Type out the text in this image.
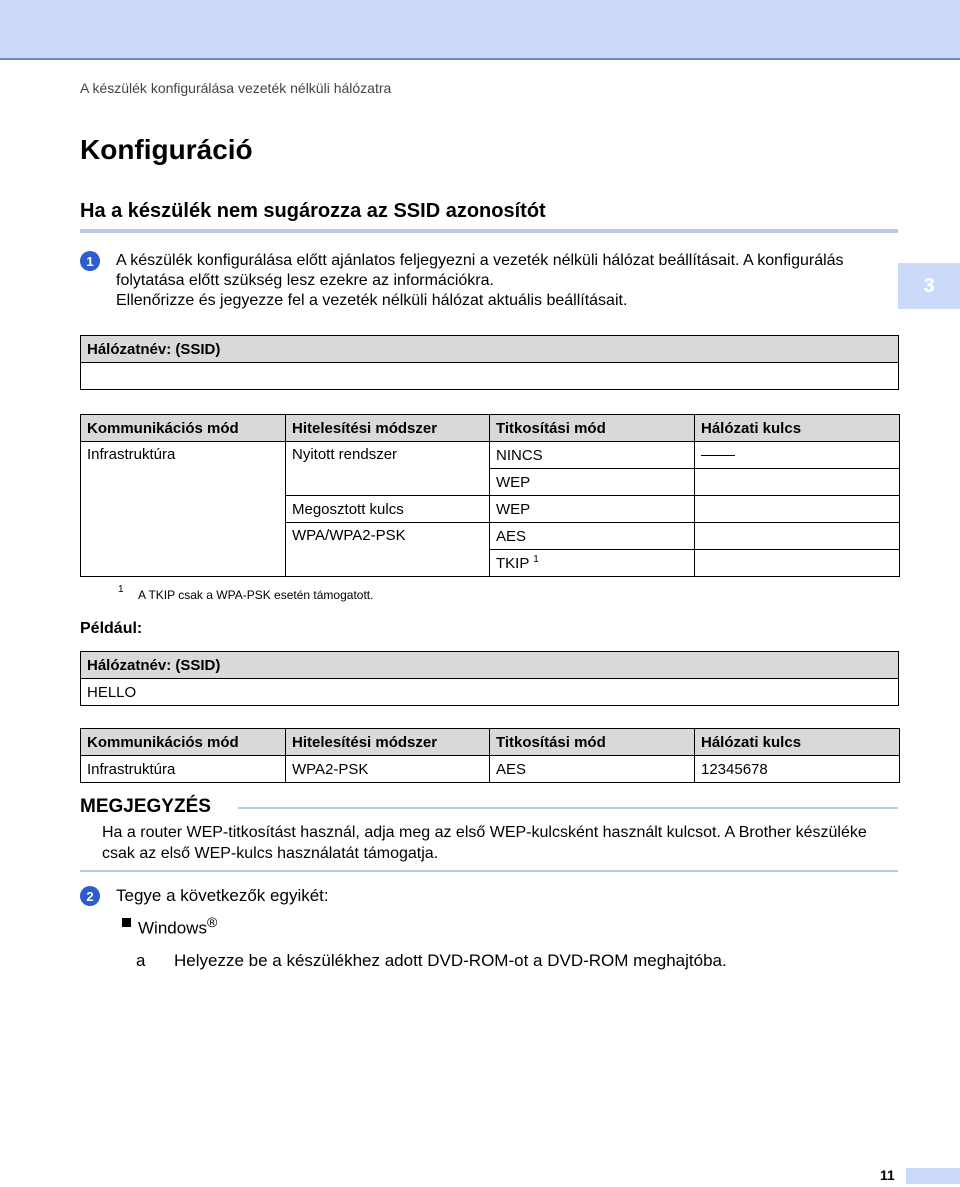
A készülék konfigurálása vezeték nélküli hálózatra
Konfiguráció
Ha a készülék nem sugározza az SSID azonosítót
3
1	A készülék konfigurálása előtt ajánlatos feljegyezni a vezeték nélküli hálózat beállításait. A konfigurálás
folytatása előtt szükség lesz ezekre az információkra.
Ellenőrizze és jegyezze fel a vezeték nélküli hálózat aktuális beállításait.
Hálózatnév: (SSID)

Kommunikációs mód	Hitelesítési módszer	Titkosítási mód	Hálózati kulcs
Infrastruktúra	Nyitott rendszer	NINCS	
		WEP	
	Megosztott kulcs	WEP	
	WPA/WPA2-PSK	AES	
		TKIP $^1$	
1 A TKIP csak a WPA-PSK esetén támogatott.
Például:
Hálózatnév: (SSID)
HELLO
Kommunikációs mód	Hitelesítési módszer	Titkosítási mód	Hálózati kulcs
Infrastruktúra	WPA2-PSK	AES	12345678
MEGJEGYZÉS
Ha a router WEP-titkosítást használ, adja meg az első WEP-kulcsként használt kulcsot. A Brother készüléke
csak az első WEP-kulcs használatát támogatja.
2	Tegye a következők egyikét:
Windows®
a Helyezze be a készülékhez adott DVD-ROM-ot a DVD-ROM meghajtóba.
11
